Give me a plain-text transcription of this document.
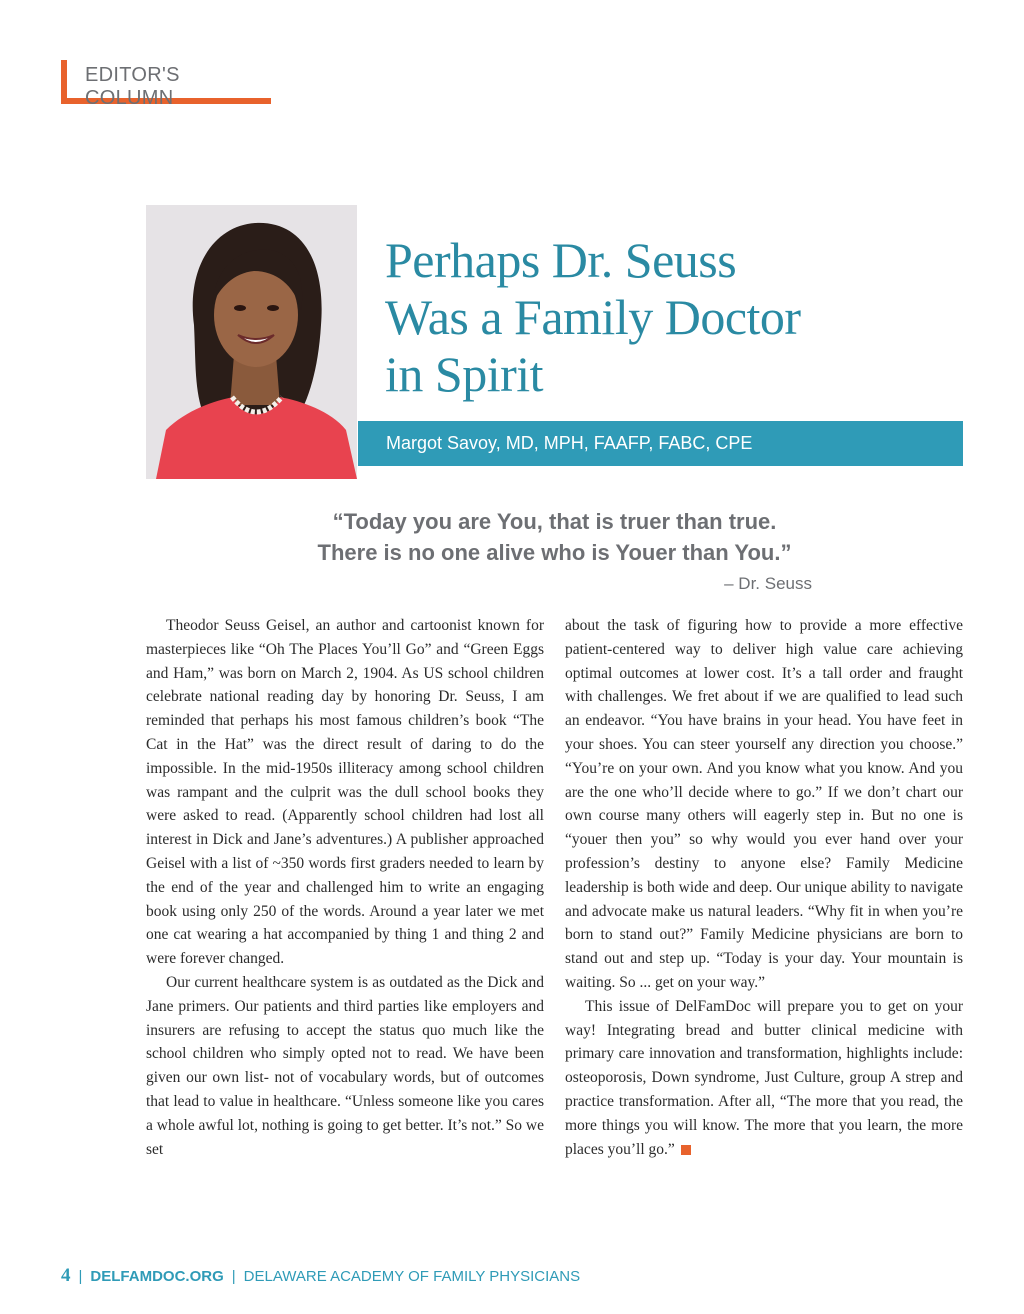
EDITOR'S COLUMN
Perhaps Dr. Seuss
Was a Family Doctor
in Spirit
Margot Savoy, MD, MPH, FAAFP, FABC, CPE
“Today you are You, that is truer than true.
There is no one alive who is Youer than You.”
– Dr. Seuss

Theodor Seuss Geisel, an author and cartoonist known for masterpieces like “Oh The Places You’ll Go” and “Green Eggs and Ham,” was born on March 2, 1904. As US school children celebrate national reading day by honoring Dr. Seuss, I am reminded that perhaps his most famous children’s book “The Cat in the Hat” was the direct result of daring to do the impossible. In the mid-1950s illiteracy among school children was rampant and the culprit was the dull school books they were asked to read. (Apparently school children had lost all interest in Dick and Jane’s adventures.) A publisher approached Geisel with a list of ~350 words first graders needed to learn by the end of the year and challenged him to write an engaging book using only 250 of the words. Around a year later we met one cat wearing a hat accompanied by thing 1 and thing 2 and were forever changed.

Our current healthcare system is as outdated as the Dick and Jane primers. Our patients and third parties like employers and insurers are refusing to accept the status quo much like the school children who simply opted not to read. We have been given our own list- not of vocabulary words, but of outcomes that lead to value in healthcare. “Unless someone like you cares a whole awful lot, nothing is going to get better. It’s not.” So we set

about the task of figuring how to provide a more effective patient-centered way to deliver high value care achieving optimal outcomes at lower cost. It’s a tall order and fraught with challenges. We fret about if we are qualified to lead such an endeavor. “You have brains in your head. You have feet in your shoes. You can steer yourself any direction you choose.” “You’re on your own. And you know what you know. And you are the one who’ll decide where to go.” If we don’t chart our own course many others will eagerly step in. But no one is “youer then you” so why would you ever hand over your profession’s destiny to anyone else? Family Medicine leadership is both wide and deep. Our unique ability to navigate and advocate make us natural leaders. “Why fit in when you’re born to stand out?” Family Medicine physicians are born to stand out and step up. “Today is your day. Your mountain is waiting. So ... get on your way.”

This issue of DelFamDoc will prepare you to get on your way! Integrating bread and butter clinical medicine with primary care innovation and transformation, highlights include: osteoporosis, Down syndrome, Just Culture, group A strep and practice transformation. After all, “The more that you read, the more things you will know. The more that you learn, the more places you’ll go.”

4 | DELFAMDOC.ORG | DELAWARE ACADEMY OF FAMILY PHYSICIANS
